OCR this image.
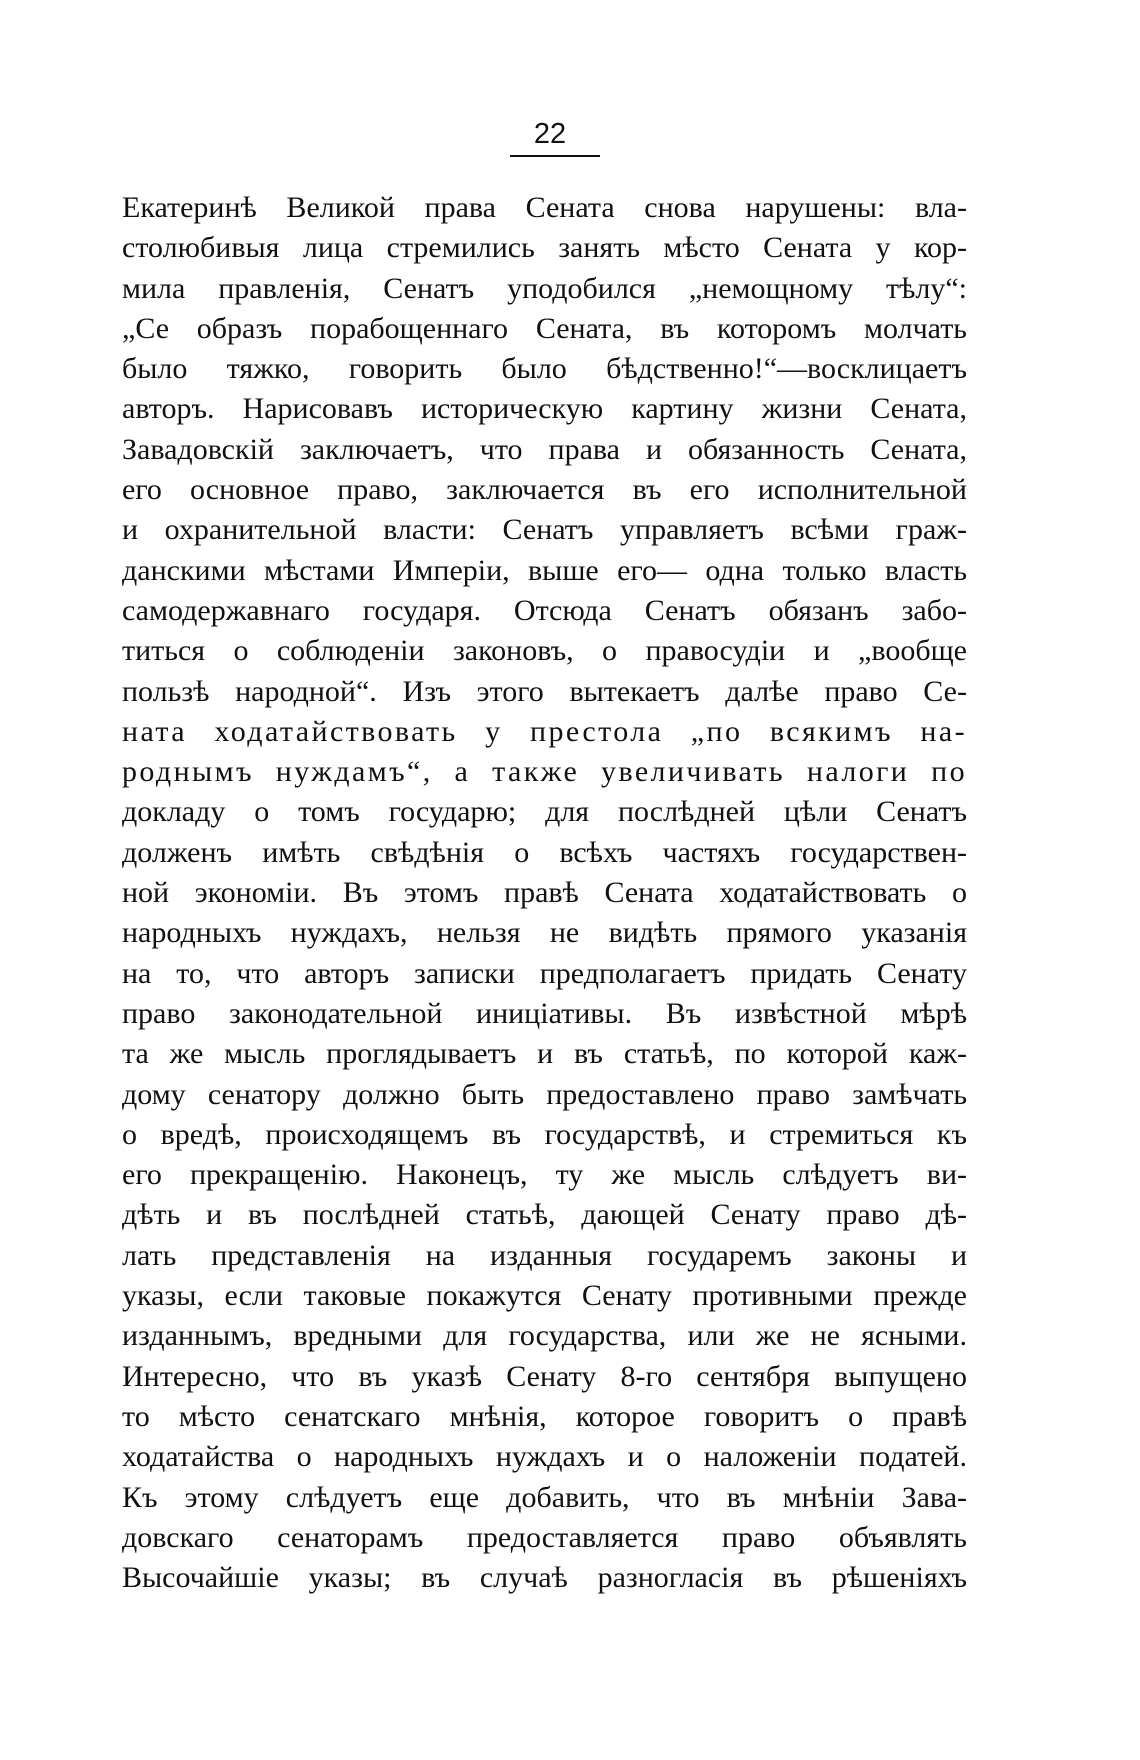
22
Екатеринѣ Великой права Сената снова нарушены: вла-
столюбивыя лица стремились занять мѣсто Сената у кор-
мила правленія, Сенатъ уподобился „немощному тѣлу“:
„Се образъ порабощеннаго Сената, въ которомъ молчать
было тяжко, говорить было бѣдственно!“—восклицаетъ
авторъ. Нарисовавъ историческую картину жизни Сената,
Завадовскій заключаетъ, что права и обязанность Сената,
его основное право, заключается въ его исполнительной
и охранительной власти: Сенатъ управляетъ всѣми граж-
данскими мѣстами Имперіи, выше его— одна только власть
самодержавнаго государя. Отсюда Сенатъ обязанъ забо-
титься о соблюденіи законовъ, о правосудіи и „вообще
пользѣ народной“. Изъ этого вытекаетъ далѣе право Се-
ната ходатайствовать у престола „по всякимъ на-
роднымъ нуждамъ“, а также увеличивать налоги по
докладу о томъ государю; для послѣдней цѣли Сенатъ
долженъ имѣть свѣдѣнія о всѣхъ частяхъ государствен-
ной экономіи. Въ этомъ правѣ Сената ходатайствовать о
народныхъ нуждахъ, нельзя не видѣть прямого указанія
на то, что авторъ записки предполагаетъ придать Сенату
право законодательной иниціативы. Въ извѣстной мѣрѣ
та же мысль проглядываетъ и въ статьѣ, по которой каж-
дому сенатору должно быть предоставлено право замѣчать
о вредѣ, происходящемъ въ государствѣ, и стремиться къ
его прекращенію. Наконецъ, ту же мысль слѣдуетъ ви-
дѣть и въ послѣдней статьѣ, дающей Сенату право дѣ-
лать представленія на изданныя государемъ законы и
указы, если таковые покажутся Сенату противными прежде
изданнымъ, вредными для государства, или же не ясными.
Интересно, что въ указѣ Сенату 8-го сентября выпущено
то мѣсто сенатскаго мнѣнія, которое говоритъ о правѣ
ходатайства о народныхъ нуждахъ и о наложеніи податей.
Къ этому слѣдуетъ еще добавить, что въ мнѣніи Зава-
довскаго сенаторамъ предоставляется право объявлять
Высочайшіе указы; въ случаѣ разногласія въ рѣшеніяхъ
